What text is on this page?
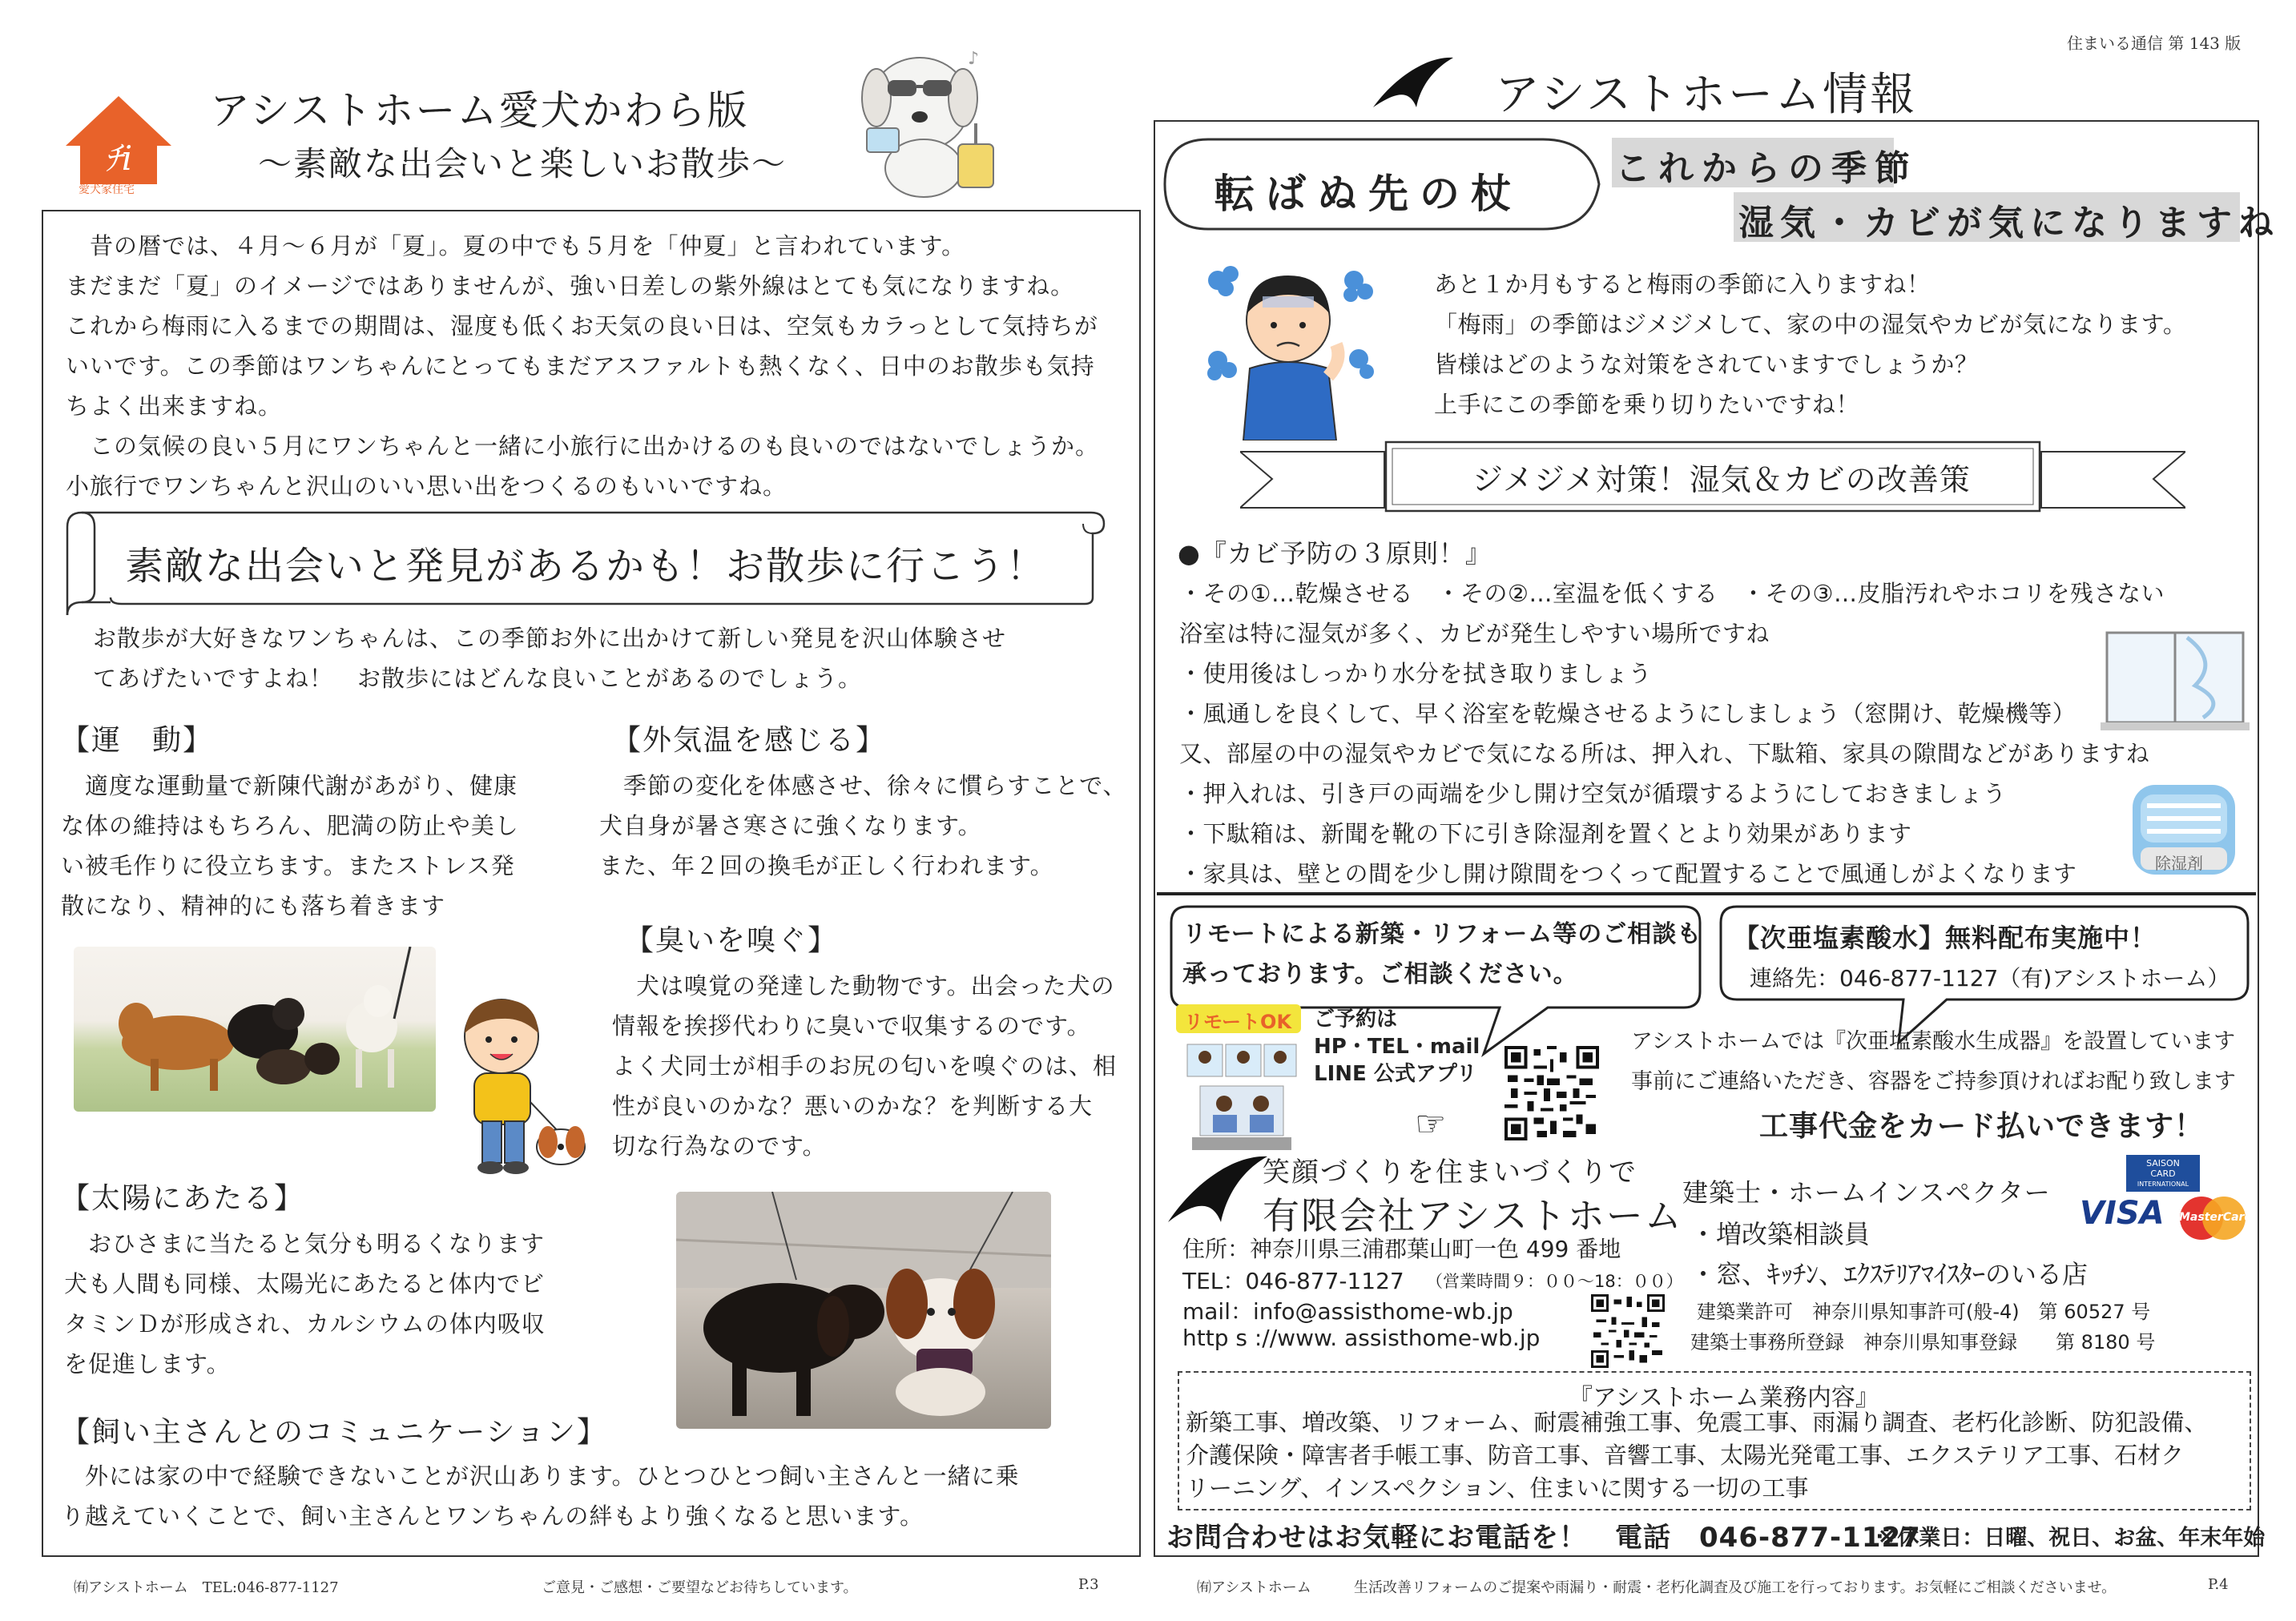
住まいる通信 第 143 版
ﾁi
愛犬家住宅
アシストホーム愛犬かわら版
～素敵な出会いと楽しいお散歩～
♪
アシストホーム情報
　昔の暦では、４月～６月が「夏」。夏の中でも５月を「仲夏」と言われています。
まだまだ「夏」のイメージではありませんが、強い日差しの紫外線はとても気になりますね。
これから梅雨に入るまでの期間は、湿度も低くお天気の良い日は、空気もカラっとして気持ちが
いいです。この季節はワンちゃんにとってもまだアスファルトも熱くなく、日中のお散歩も気持
ちよく出来ますね。
　この気候の良い５月にワンちゃんと一緒に小旅行に出かけるのも良いのではないでしょうか。
小旅行でワンちゃんと沢山のいい思い出をつくるのもいいですね。
素敵な出会いと発見があるかも！お散歩に行こう！
お散歩が大好きなワンちゃんは、この季節お外に出かけて新しい発見を沢山体験させ
てあげたいですよね！　お散歩にはどんな良いことがあるのでしょう。
【運　動】
　適度な運動量で新陳代謝があがり、健康
な体の維持はもちろん、肥満の防止や美し
い被毛作りに役立ちます。またストレス発
散になり、精神的にも落ち着きます
【外気温を感じる】
　季節の変化を体感させ、徐々に慣らすことで、
犬自身が暑さ寒さに強くなります。
また、年２回の換毛が正しく行われます。
【臭いを嗅ぐ】
　犬は嗅覚の発達した動物です。出会った犬の
情報を挨拶代わりに臭いで収集するのです。
よく犬同士が相手のお尻の匂いを嗅ぐのは、相
性が良いのかな？悪いのかな？を判断する大
切な行為なのです。
【太陽にあたる】
　おひさまに当たると気分も明るくなります
犬も人間も同様、太陽光にあたると体内でビ
タミンＤが形成され、カルシウムの体内吸収
を促進します。
【飼い主さんとのコミュニケーション】
　外には家の中で経験できないことが沢山あります。ひとつひとつ飼い主さんと一緒に乗
り越えていくことで、飼い主さんとワンちゃんの絆もより強くなると思います。
転ばぬ先の杖
これからの季節
湿気・カビが気になりますね
あと１か月もすると梅雨の季節に入りますね！
「梅雨」の季節はジメジメして、家の中の湿気やカビが気になります。
皆様はどのような対策をされていますでしょうか？
上手にこの季節を乗り切りたいですね！
ジメジメ対策！湿気＆カビの改善策
●『カビ予防の３原則！』
・その①…乾燥させる　・その②…室温を低くする　・その③…皮脂汚れやホコリを残さない
浴室は特に湿気が多く、カビが発生しやすい場所ですね
・使用後はしっかり水分を拭き取りましょう
・風通しを良くして、早く浴室を乾燥させるようにしましょう（窓開け、乾燥機等）
又、部屋の中の湿気やカビで気になる所は、押入れ、下駄箱、家具の隙間などがありますね
・押入れは、引き戸の両端を少し開け空気が循環するようにしておきましょう
・下駄箱は、新聞を靴の下に引き除湿剤を置くとより効果があります
・家具は、壁との間を少し開け隙間をつくって配置することで風通しがよくなります	除湿剤
リモートによる新築・リフォーム等のご相談も
承っております。ご相談ください。
リモートOK ご予約は
HP・TEL・mail
LINE 公式アプリ
☞
【次亜塩素酸水】無料配布実施中！
連絡先：046-877-1127（有)アシストホーム）
アシストホームでは『次亜塩素酸水生成器』を設置しています
事前にご連絡いただき、容器をご持参頂ければお配り致します
工事代金をカード払いできます！
笑顔づくりを住まいづくりで
有限会社アシストホーム
住所：神奈川県三浦郡葉山町一色 499 番地
TEL：046-877-1127 （営業時間９：００～18：００）
mail：info@assisthome-wb.jp
http s ://www. assisthome-wb.jp
建築士・ホームインスペクター
・増改築相談員
・窓、ｷｯﾁﾝ、ｴｸｽﾃﾘｱﾏｲｽﾀｰのいる店
建築業許可　神奈川県知事許可(般-4)　第 60527 号
建築士事務所登録　神奈川県知事登録　　第 8180 号
SAISON
CARD
INTERNATIONAL
VISA MasterCard
『アシストホーム業務内容』
新築工事、増改築、リフォーム、耐震補強工事、免震工事、雨漏り調査、老朽化診断、防犯設備、
介護保険・障害者手帳工事、防音工事、音響工事、太陽光発電工事、エクステリア工事、石材ク
リーニング、インスペクション、住まいに関する一切の工事
お問合わせはお気軽にお電話を！　電話　046-877-1127
※休業日：日曜、祝日、お盆、年末年始
㈲アシストホーム　TEL:046-877-1127	ご意見・ご感想・ご要望などお待ちしています。	P.3	㈲アシストホーム	生活改善リフォームのご提案や雨漏り・耐震・老朽化調査及び施工を行っております。お気軽にご相談くださいませ。	P.4
